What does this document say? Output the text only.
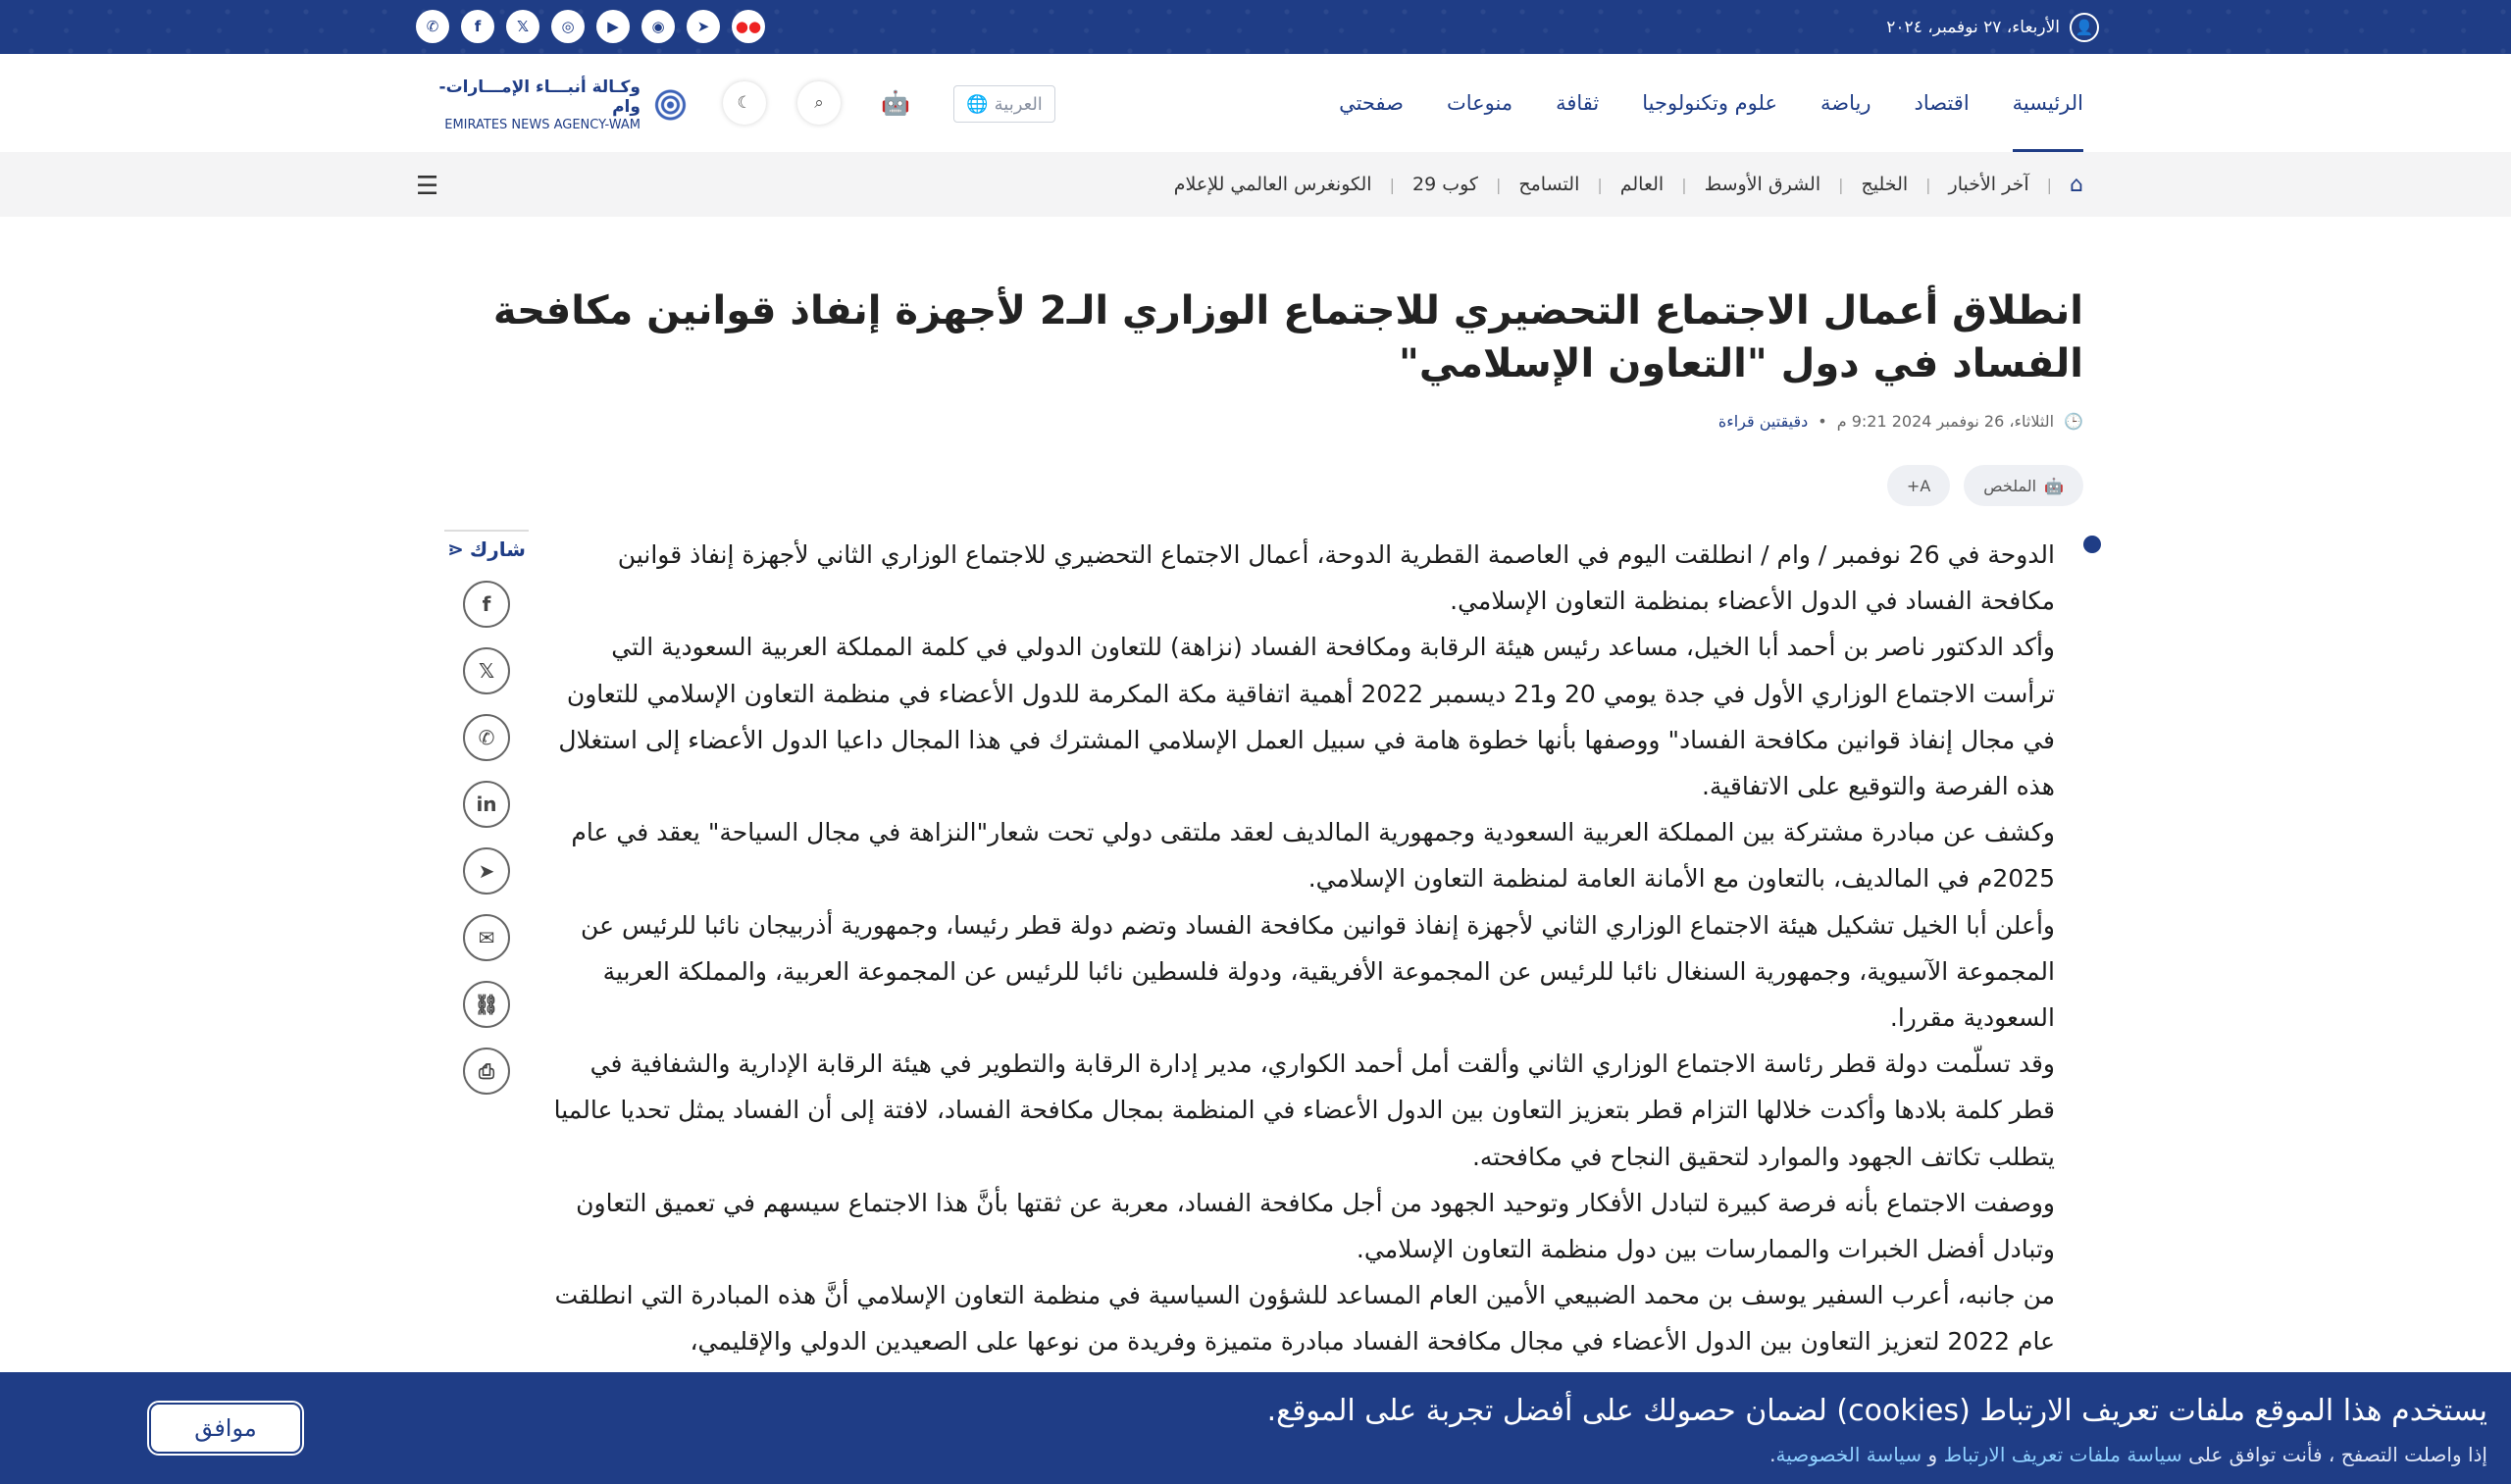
👤
الأربعاء، ٢٧ نوفمبر، ٢٠٢٤
✆	f	𝕏	◎	▶	◉	➤	●●
الرئيسية
اقتصاد
رياضة
علوم وتكنولوجيا
ثقافة
منوعات
صفحتي
العربية
🌐
🤖
⌕
☾
وكـالة أنبـــاء الإمـــارات-وام
EMIRATES NEWS AGENCY-WAM
⌂
|
آخر الأخبار
|
الخليج
|
الشرق الأوسط
|
العالم
|
التسامح
|
كوب 29
|
الكونغرس العالمي للإعلام
☰
انطلاق أعمال الاجتماع التحضيري للاجتماع الوزاري الـ2 لأجهزة إنفاذ قوانين مكافحة الفساد في دول "التعاون الإسلامي"
🕒
الثلاثاء، 26 نوفمبر 2024 9:21 م
•
دقيقتين قراءة
🤖
الملخص
A+

الدوحة في 26 نوفمبر / وام / انطلقت اليوم في العاصمة القطرية الدوحة، أعمال الاجتماع التحضيري للاجتماع الوزاري الثاني لأجهزة إنفاذ قوانين مكافحة الفساد في الدول الأعضاء بمنظمة التعاون الإسلامي.

وأكد الدكتور ناصر بن أحمد أبا الخيل، مساعد رئيس هيئة الرقابة ومكافحة الفساد (نزاهة) للتعاون الدولي في كلمة المملكة العربية السعودية التي ترأست الاجتماع الوزاري الأول في جدة يومي 20 و21 ديسمبر 2022 أهمية اتفاقية مكة المكرمة للدول الأعضاء في منظمة التعاون الإسلامي للتعاون في مجال إنفاذ قوانين مكافحة الفساد" ووصفها بأنها خطوة هامة في سبيل العمل الإسلامي المشترك في هذا المجال داعيا الدول الأعضاء إلى استغلال هذه الفرصة والتوقيع على الاتفاقية.

وكشف عن مبادرة مشتركة بين المملكة العربية السعودية وجمهورية المالديف لعقد ملتقى دولي تحت شعار"النزاهة في مجال السياحة" يعقد في عام 2025م في المالديف، بالتعاون مع الأمانة العامة لمنظمة التعاون الإسلامي.

وأعلن أبا الخيل تشكيل هيئة الاجتماع الوزاري الثاني لأجهزة إنفاذ قوانين مكافحة الفساد وتضم دولة قطر رئيسا، وجمهورية أذربيجان نائبا للرئيس عن المجموعة الآسيوية، وجمهورية السنغال نائبا للرئيس عن المجموعة الأفريقية، ودولة فلسطين نائبا للرئيس عن المجموعة العربية، والمملكة العربية السعودية مقررا.

وقد تسلّمت دولة قطر رئاسة الاجتماع الوزاري الثاني وألقت أمل أحمد الكواري، مدير إدارة الرقابة والتطوير في هيئة الرقابة الإدارية والشفافية في قطر كلمة بلادها وأكدت خلالها التزام قطر بتعزيز التعاون بين الدول الأعضاء في المنظمة بمجال مكافحة الفساد، لافتة إلى أن الفساد يمثل تحديا عالميا يتطلب تكاتف الجهود والموارد لتحقيق النجاح في مكافحته.

ووصفت الاجتماع بأنه فرصة كبيرة لتبادل الأفكار وتوحيد الجهود من أجل مكافحة الفساد، معربة عن ثقتها بأنَّ هذا الاجتماع سيسهم في تعميق التعاون وتبادل أفضل الخبرات والممارسات بين دول منظمة التعاون الإسلامي.

من جانبه، أعرب السفير يوسف بن محمد الضبيعي الأمين العام المساعد للشؤون السياسية في منظمة التعاون الإسلامي أنَّ هذه المبادرة التي انطلقت عام 2022 لتعزيز التعاون بين الدول الأعضاء في مجال مكافحة الفساد مبادرة متميزة وفريدة من نوعها على الصعيدين الدولي والإقليمي،

شارك
⋖
f
𝕏
✆
in
➤
✉
⛓
⎙
يستخدم هذا الموقع ملفات تعريف الارتباط (cookies) لضمان حصولك على أفضل تجربة على الموقع.
إذا واصلت التصفح ، فأنت توافق على سياسة ملفات تعريف الارتباط و سياسة الخصوصية.
موافق
